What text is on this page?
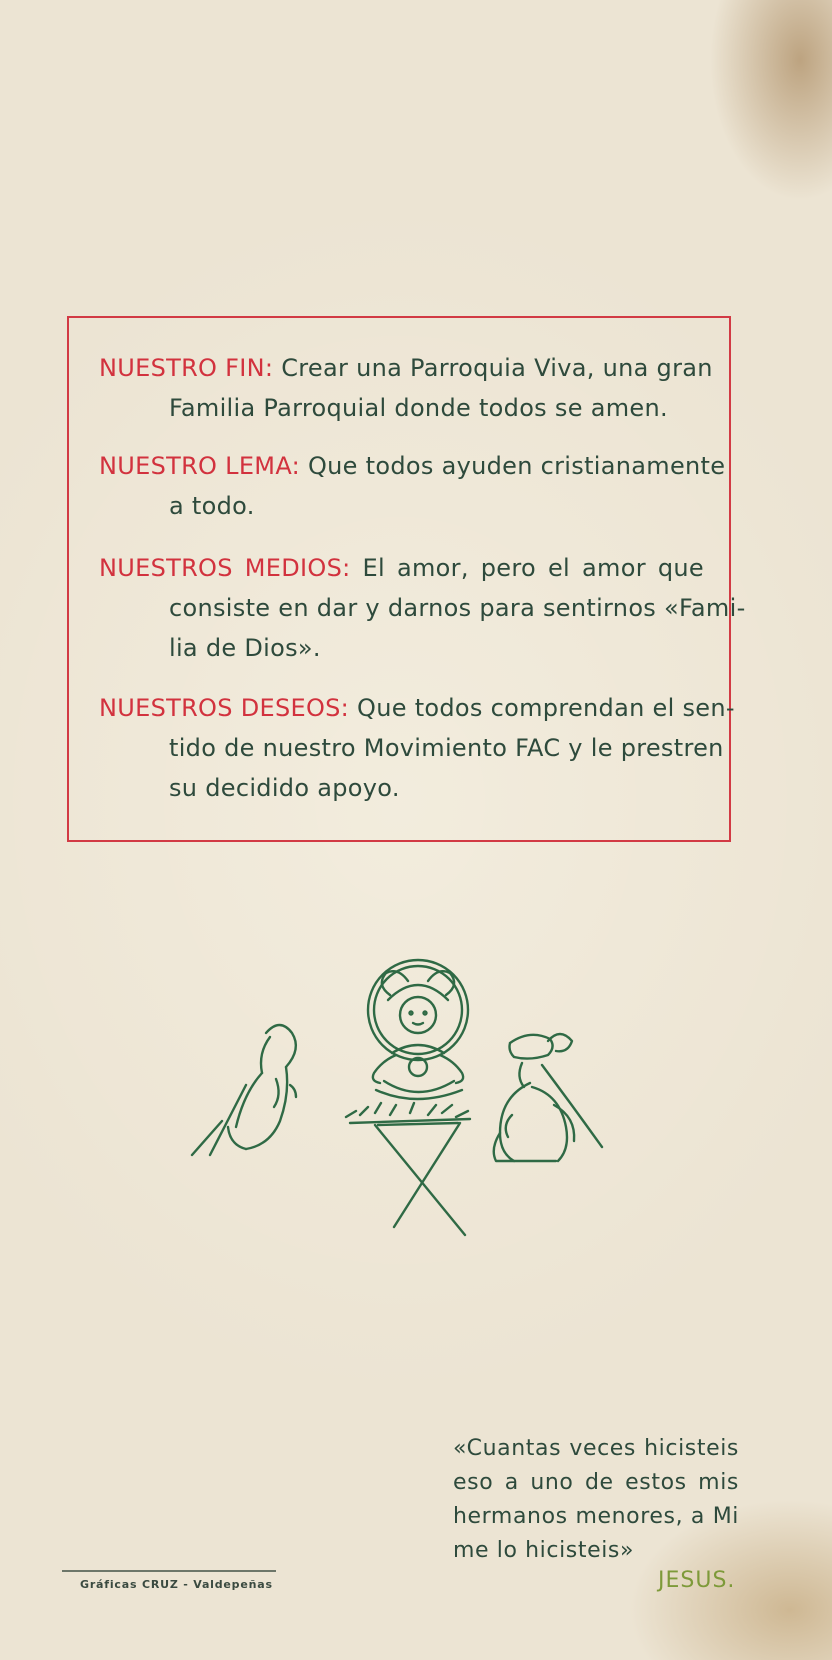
NUESTRO FIN: Crear una Parroquia Viva, una gran
Familia Parroquial donde todos se amen.
NUESTRO LEMA: Que todos ayuden cristianamente
a todo.
NUESTROS MEDIOS: El amor, pero el amor que
consiste en dar y darnos para sentirnos «Fami-
lia de Dios».
NUESTROS DESEOS: Que todos comprendan el sen-
tido de nuestro Movimiento FAC y le prestren
su decidido apoyo.
«Cuantas veces hicisteis
eso a uno de estos mis
hermanos menores, a Mi
me lo hicisteis»
JESUS.
Gráficas CRUZ - Valdepeñas
